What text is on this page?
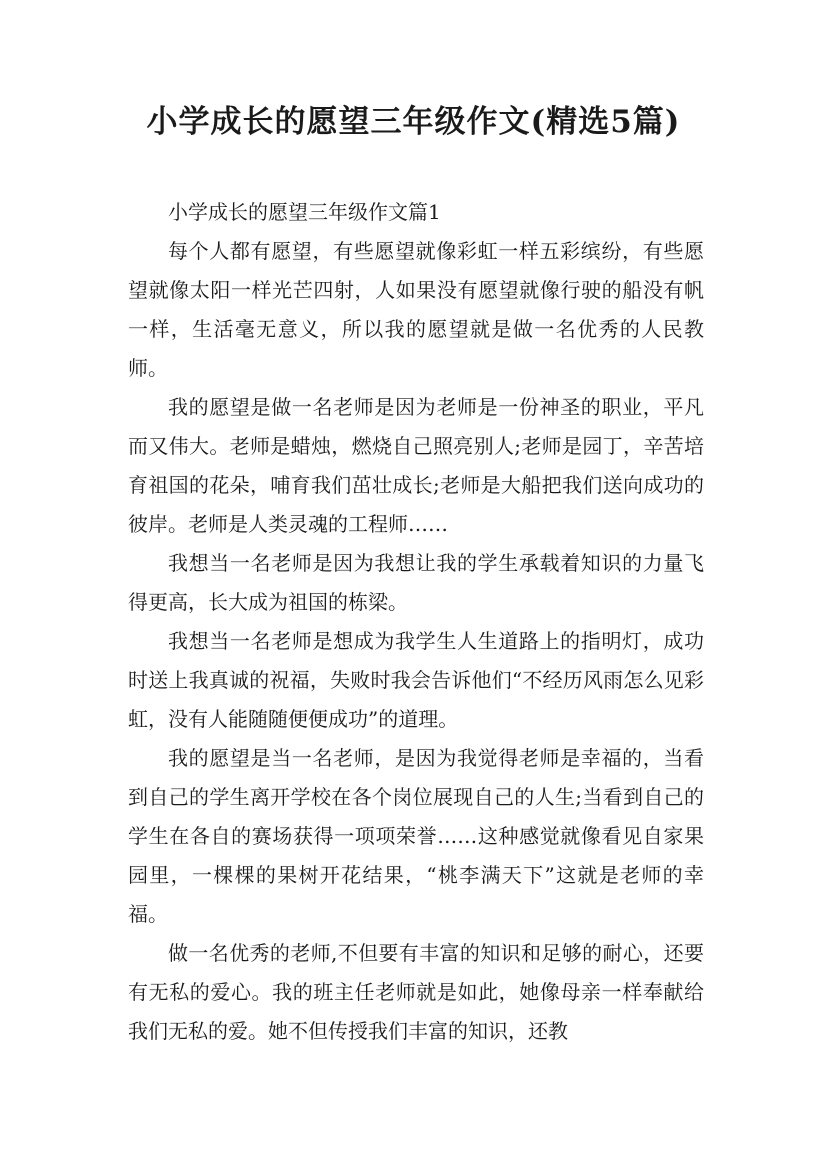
小学成长的愿望三年级作文(精选5篇)

小学成长的愿望三年级作文篇1

每个人都有愿望，有些愿望就像彩虹一样五彩缤纷，有些愿望就像太阳一样光芒四射，人如果没有愿望就像行驶的船没有帆一样，生活毫无意义，所以我的愿望就是做一名优秀的人民教师。

我的愿望是做一名老师是因为老师是一份神圣的职业，平凡而又伟大。老师是蜡烛，燃烧自己照亮别人;老师是园丁，辛苦培育祖国的花朵，哺育我们茁壮成长;老师是大船把我们送向成功的彼岸。老师是人类灵魂的工程师……

我想当一名老师是因为我想让我的学生承载着知识的力量飞得更高，长大成为祖国的栋梁。

我想当一名老师是想成为我学生人生道路上的指明灯，成功时送上我真诚的祝福，失败时我会告诉他们“不经历风雨怎么见彩虹，没有人能随随便便成功”的道理。

我的愿望是当一名老师，是因为我觉得老师是幸福的，当看到自己的学生离开学校在各个岗位展现自己的人生;当看到自己的学生在各自的赛场获得一项项荣誉……这种感觉就像看见自家果园里，一棵棵的果树开花结果，“桃李满天下”这就是老师的幸福。

做一名优秀的老师,不但要有丰富的知识和足够的耐心，还要有无私的爱心。我的班主任老师就是如此，她像母亲一样奉献给我们无私的爱。她不但传授我们丰富的知识，还教
